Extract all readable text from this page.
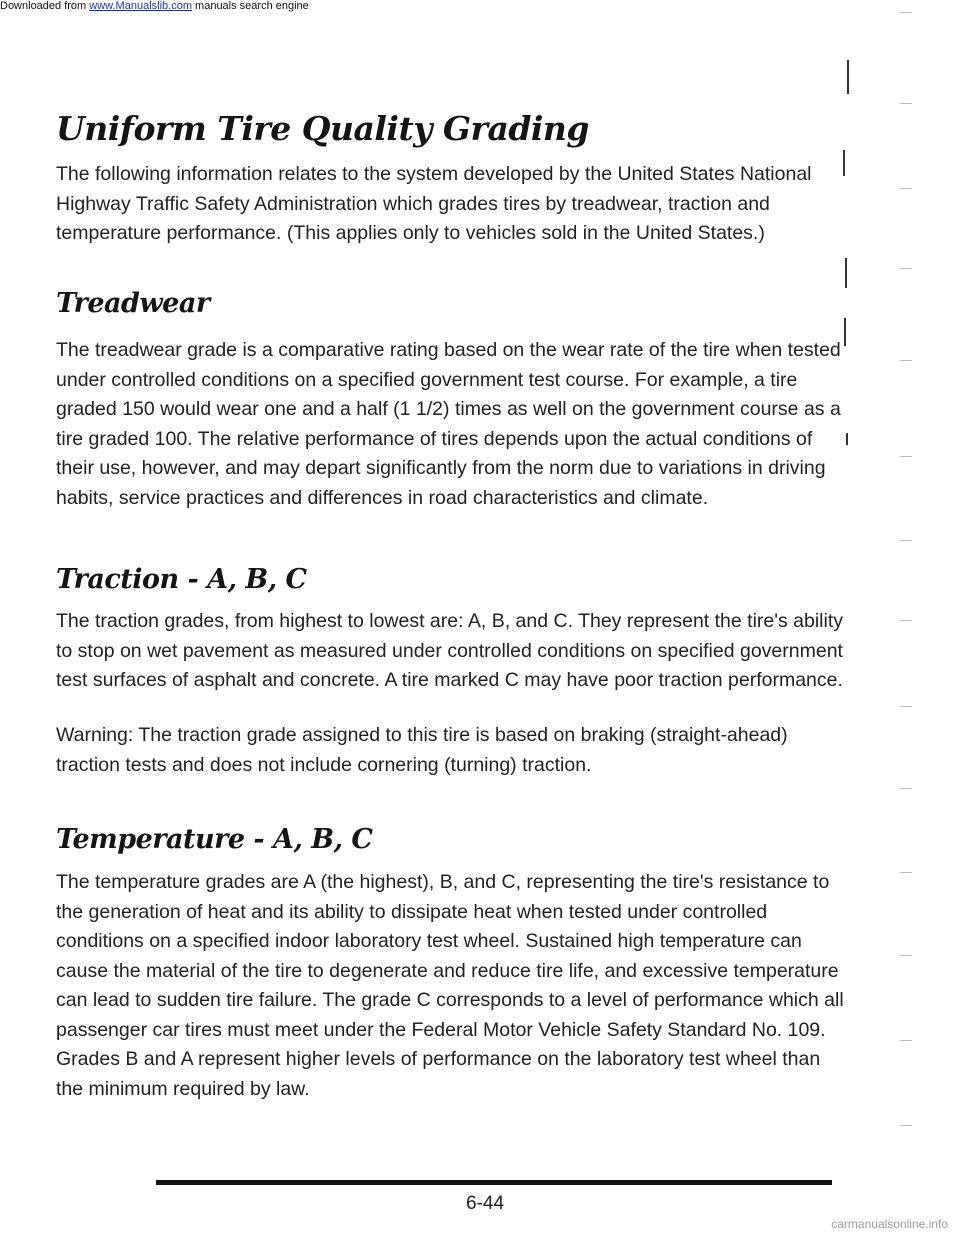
Downloaded from www.Manualslib.com manuals search engine
Uniform Tire Quality Grading
The following information relates to the system developed by the United States National Highway Traffic Safety Administration which grades tires by treadwear, traction and temperature performance. (This applies only to vehicles sold in the United States.)
Treadwear
The treadwear grade is a comparative rating based on the wear rate of the tire when tested under controlled conditions on a specified government test course. For example, a tire graded 150 would wear one and a half (1 1/2) times as well on the government course as a tire graded 100. The relative performance of tires depends upon the actual conditions of their use, however, and may depart significantly from the norm due to variations in driving habits, service practices and differences in road characteristics and climate.
Traction - A, B, C
The traction grades, from highest to lowest are: A, B, and C. They represent the tire's ability to stop on wet pavement as measured under controlled conditions on specified government test surfaces of asphalt and concrete. A tire marked C may have poor traction performance.
Warning: The traction grade assigned to this tire is based on braking (straight-ahead) traction tests and does not include cornering (turning) traction.
Temperature - A, B, C
The temperature grades are A (the highest), B, and C, representing the tire's resistance to the generation of heat and its ability to dissipate heat when tested under controlled conditions on a specified indoor laboratory test wheel. Sustained high temperature can cause the material of the tire to degenerate and reduce tire life, and excessive temperature can lead to sudden tire failure. The grade C corresponds to a level of performance which all passenger car tires must meet under the Federal Motor Vehicle Safety Standard No. 109. Grades B and A represent higher levels of performance on the laboratory test wheel than the minimum required by law.
6-44
carmanualsonline.info
